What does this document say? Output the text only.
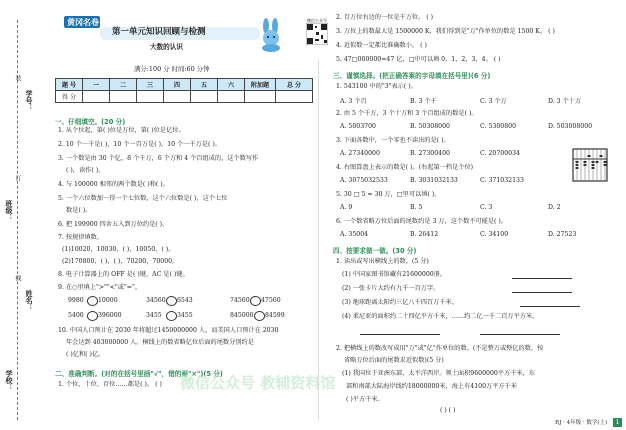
班级：
学校：
学号：
姓名：
装
订
线
黄冈名卷
第一单元知识回顾与检测
大数的认识
微信公众号
满分:100 分 时间:60 分钟
题 号	一	二	三	四	五	六	附加题	总 分
得 分								
一、仔细填空。(20 分)
1. 从个位起，第( )位是万位，第( )位是亿位。
2. 10 个一千是( )，10 个一百万是( )，10 个一千万是( )。
3. 一个数是由 30 个亿，8 个千万，6 个万和 4 个百组成的，这个数写作
( )，读作( )。
4. 与 100000 相邻的两个数是( )和( )。
5. 一个六位数加一得一个七位数，这个六位数是( )，这个七位
数是( )。
6. 把 199900 四舍五入到万位约是( )。
7. 按规律填数。
(1)10020，10030，( )，10050，( )。
(2)170800，( )，( )，70200，70000。
8. 电子计算器上的 OFF 是( )键，AC 是( )键。
9. 在○里填上">""<"或"="。
9980 10000	34560 6543	74560 47560
5400 396000	3455 3455	845000 84599
10. 中国人口预计在 2030 年将超过1450000000 人，而美国人口预计在 2030
年会达到 403000000 人。横线上的数省略亿位后面的尾数分别约是
( )亿和( )亿。
二、准确判断。(对的在括号里画"√"，错的画"×")(5 分)
1. 个位、十位、百位……都是( )。 ( ) 微信公众号 教辅资料馆
2. 百万位右边的一位是千万位。 ( )
3. 万位上的数最大是 1500000 K，我们得到是"万"作单位的数是 1500 K。 ( )
4. 近似数一定都比准确数小。 ( )
5. 47□000000≈47 亿，□中可以填 0，1，2，3，4。 ( )
三、谨慎选择。(把正确答案的字母填在括号里)(6 分)
1. 543100 中的"3"表示( )。
A. 3 个百	B. 3 个千	C. 3 个万	D. 3 个十万
2. 由 5 个千万，3 个十万和 3 个百组成的数是( )。
A. 5003700	B. 50308000	C. 5300800	D. 503008000
3. 下面各数中，一个零也不读出的是( )。
A. 27340000	B. 27300400	C. 20700034
4. 右图算盘上表示的数是( )。(右起第一档是个位)
A. 3075032533	B. 3031032133	C. 371032133
5. 30 □ 5 ≈ 30 万，□里可以填( )。
A. 9	B. 5	C. 3	D. 2
6. 一个数省略万位后面的尾数约是 3 万，这个数不可能是( )。
A. 35004	B. 26412	C. 34100	D. 27523
四、按要求做一做。(30 分)
1. 读出或写出横线上的数。(5 分)
(1) 中国家图书馆藏有21600000册。
(2) 一张卡片大约有九千一百万字。
(3) 地球距离太阳约三亿八千四百万千米。
(4) 柔尼亚的面积约二十四亿平方千米，……约二亿一千二百万平方米。
2. 把横线上的数改写成用"万"或"亿"作单位的数。(不是整万或整亿的数，按
省略万位后面的尾数求近似数)(5 分)
(1) 我国位于亚洲东部，太平洋西岸。领土面积9600000平方千米，东
部和南部大陆海岸线约18000000米，海上有4100万平方千米
( )平方千米。
( ) ( )
RJ · 4年级 · 数学(上)	1
